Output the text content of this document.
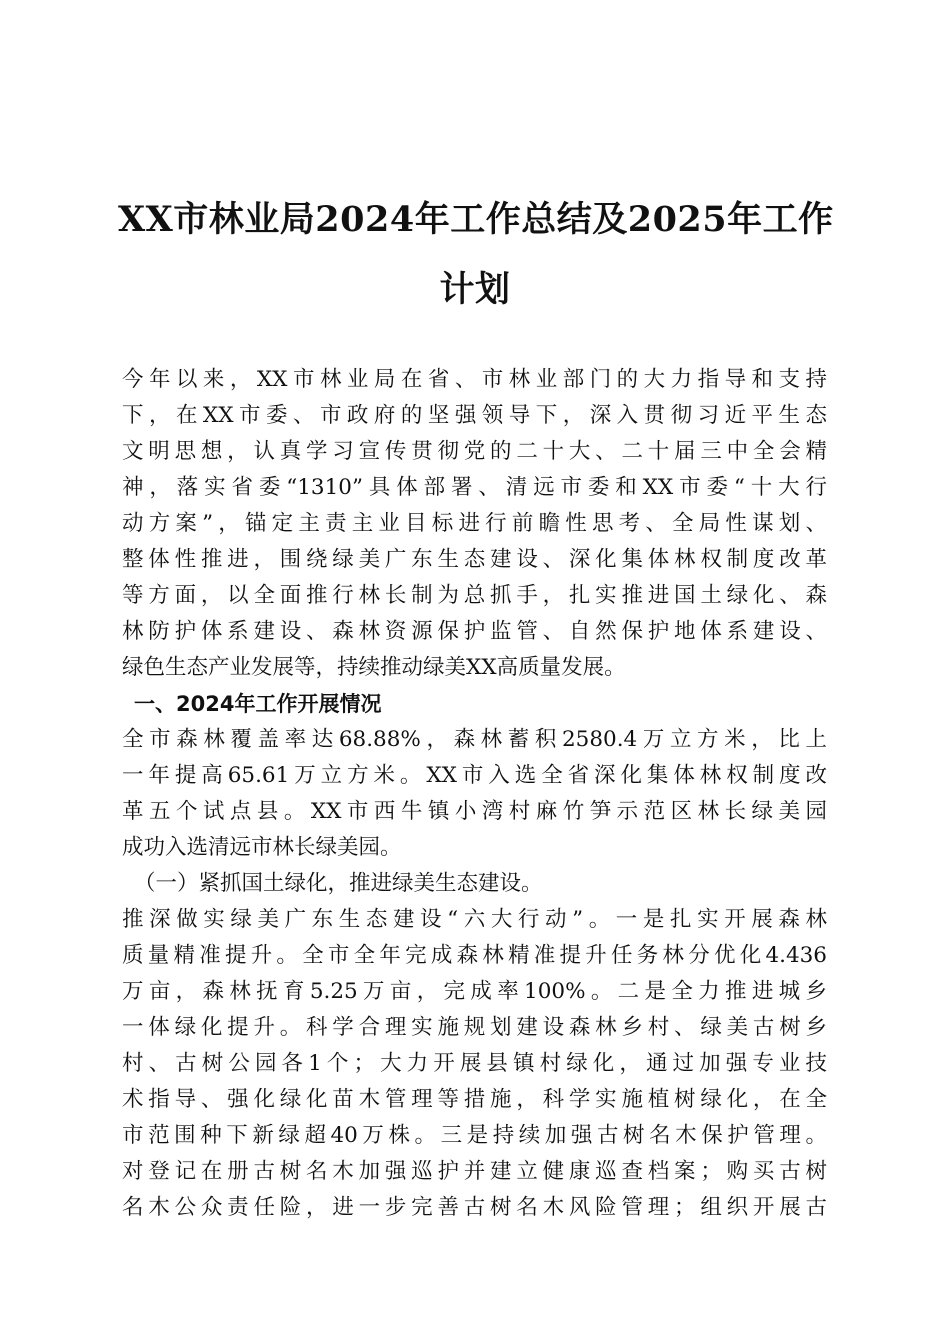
XX市林业局2024年工作总结及2025年工作
计划
今年以来，XX市林业局在省、市林业部门的大力指导和支持
下，在XX市委、市政府的坚强领导下，深入贯彻习近平生态
文明思想，认真学习宣传贯彻党的二十大、二十届三中全会精
神，落实省委“1310”具体部署、清远市委和XX市委“十大行
动方案”，锚定主责主业目标进行前瞻性思考、全局性谋划、
整体性推进，围绕绿美广东生态建设、深化集体林权制度改革
等方面，以全面推行林长制为总抓手，扎实推进国土绿化、森
林防护体系建设、森林资源保护监管、自然保护地体系建设、
绿色生态产业发展等，持续推动绿美XX高质量发展。
一、2024年工作开展情况
全市森林覆盖率达68.88%，森林蓄积2580.4万立方米，比上
一年提高65.61万立方米。XX市入选全省深化集体林权制度改
革五个试点县。XX市西牛镇小湾村麻竹笋示范区林长绿美园
成功入选清远市林长绿美园。
（一）紧抓国土绿化，推进绿美生态建设。
推深做实绿美广东生态建设“六大行动”。一是扎实开展森林
质量精准提升。全市全年完成森林精准提升任务林分优化4.436
万亩，森林抚育5.25万亩，完成率100%。二是全力推进城乡
一体绿化提升。科学合理实施规划建设森林乡村、绿美古树乡
村、古树公园各1个；大力开展县镇村绿化，通过加强专业技
术指导、强化绿化苗木管理等措施，科学实施植树绿化，在全
市范围种下新绿超40万株。三是持续加强古树名木保护管理。
对登记在册古树名木加强巡护并建立健康巡查档案；购买古树
名木公众责任险，进一步完善古树名木风险管理；组织开展古
